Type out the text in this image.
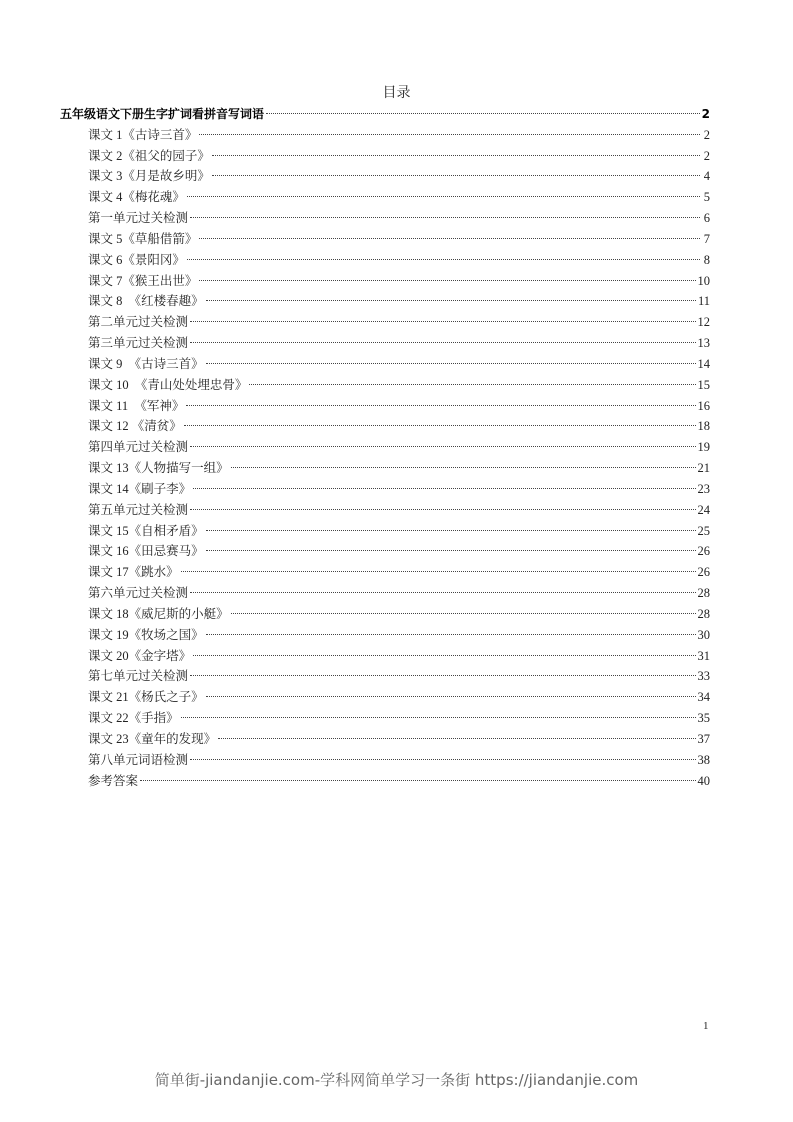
目录
五年级语文下册生字扩词看拼音写词语	2
课文 1《古诗三首》	2
课文 2《祖父的园子》	2
课文 3《月是故乡明》	4
课文 4《梅花魂》	5
第一单元过关检测	6
课文 5《草船借箭》	7
课文 6《景阳冈》	8
课文 7《猴王出世》	10
课文 8　《红楼春趣》	11
第二单元过关检测	12
第三单元过关检测	13
课文 9　《古诗三首》	14
课文 10　《青山处处埋忠骨》	15
课文 11　《军神》	16
课文 12 《清贫》	18
第四单元过关检测	19
课文 13《人物描写一组》	21
课文 14《刷子李》	23
第五单元过关检测	24
课文 15《自相矛盾》	25
课文 16《田忌赛马》	26
课文 17《跳水》	26
第六单元过关检测	28
课文 18《威尼斯的小艇》	28
课文 19《牧场之国》	30
课文 20《金字塔》	31
第七单元过关检测	33
课文 21《杨氏之子》	34
课文 22《手指》	35
课文 23《童年的发现》	37
第八单元词语检测	38
参考答案	40
1
简单街-jiandanjie.com-学科网简单学习一条街 https://jiandanjie.com
